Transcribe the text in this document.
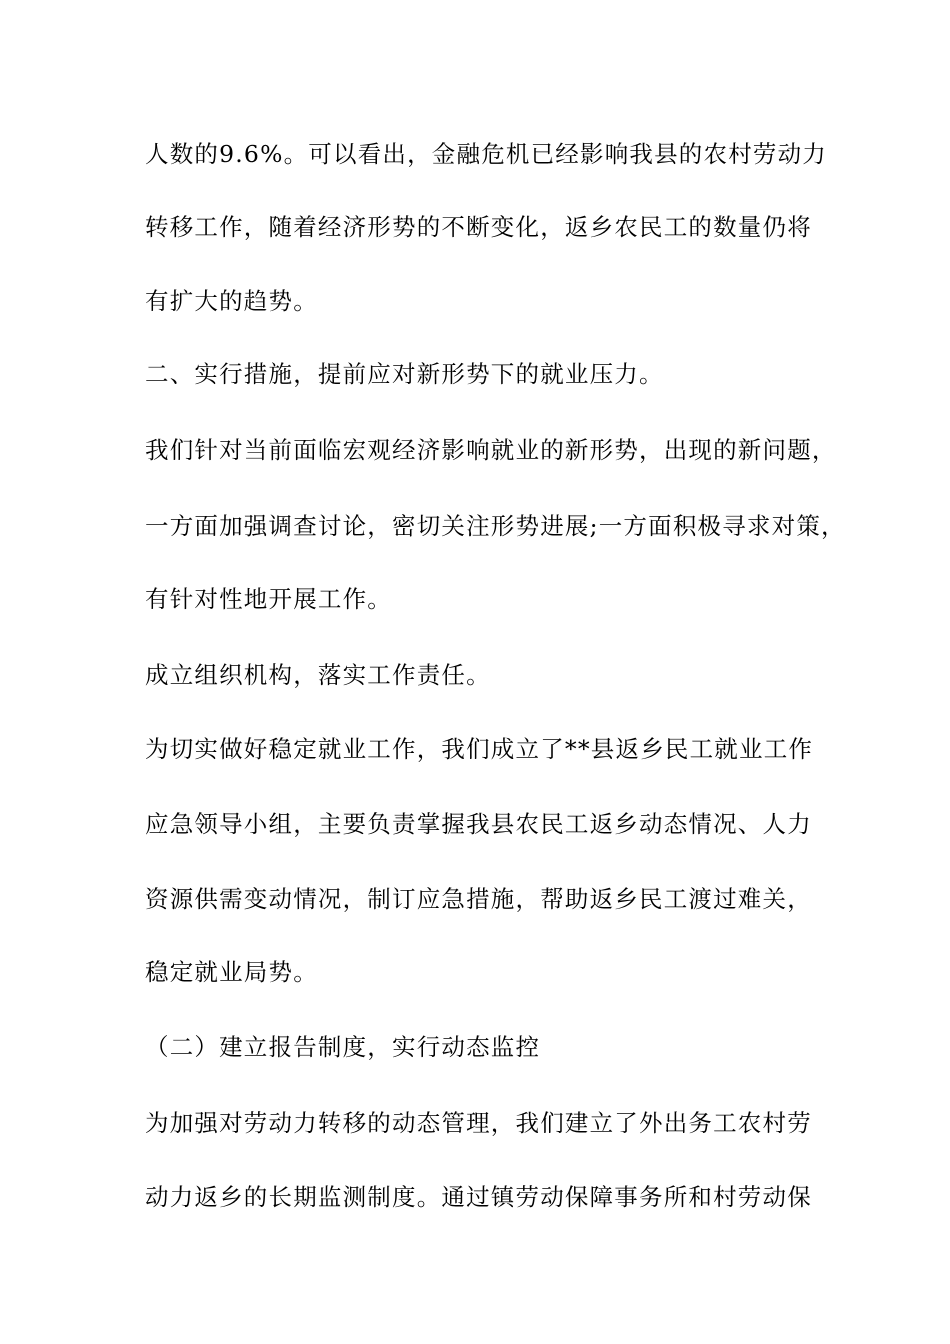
人数的9.6%。可以看出，金融危机已经影响我县的农村劳动力
转移工作，随着经济形势的不断变化，返乡农民工的数量仍将
有扩大的趋势。
二、实行措施，提前应对新形势下的就业压力。
我们针对当前面临宏观经济影响就业的新形势，出现的新问题，
一方面加强调查讨论，密切关注形势进展;一方面积极寻求对策，
有针对性地开展工作。
成立组织机构，落实工作责任。
为切实做好稳定就业工作，我们成立了**县返乡民工就业工作
应急领导小组，主要负责掌握我县农民工返乡动态情况、人力
资源供需变动情况，制订应急措施，帮助返乡民工渡过难关，
稳定就业局势。
（二）建立报告制度，实行动态监控
为加强对劳动力转移的动态管理，我们建立了外出务工农村劳
动力返乡的长期监测制度。通过镇劳动保障事务所和村劳动保
